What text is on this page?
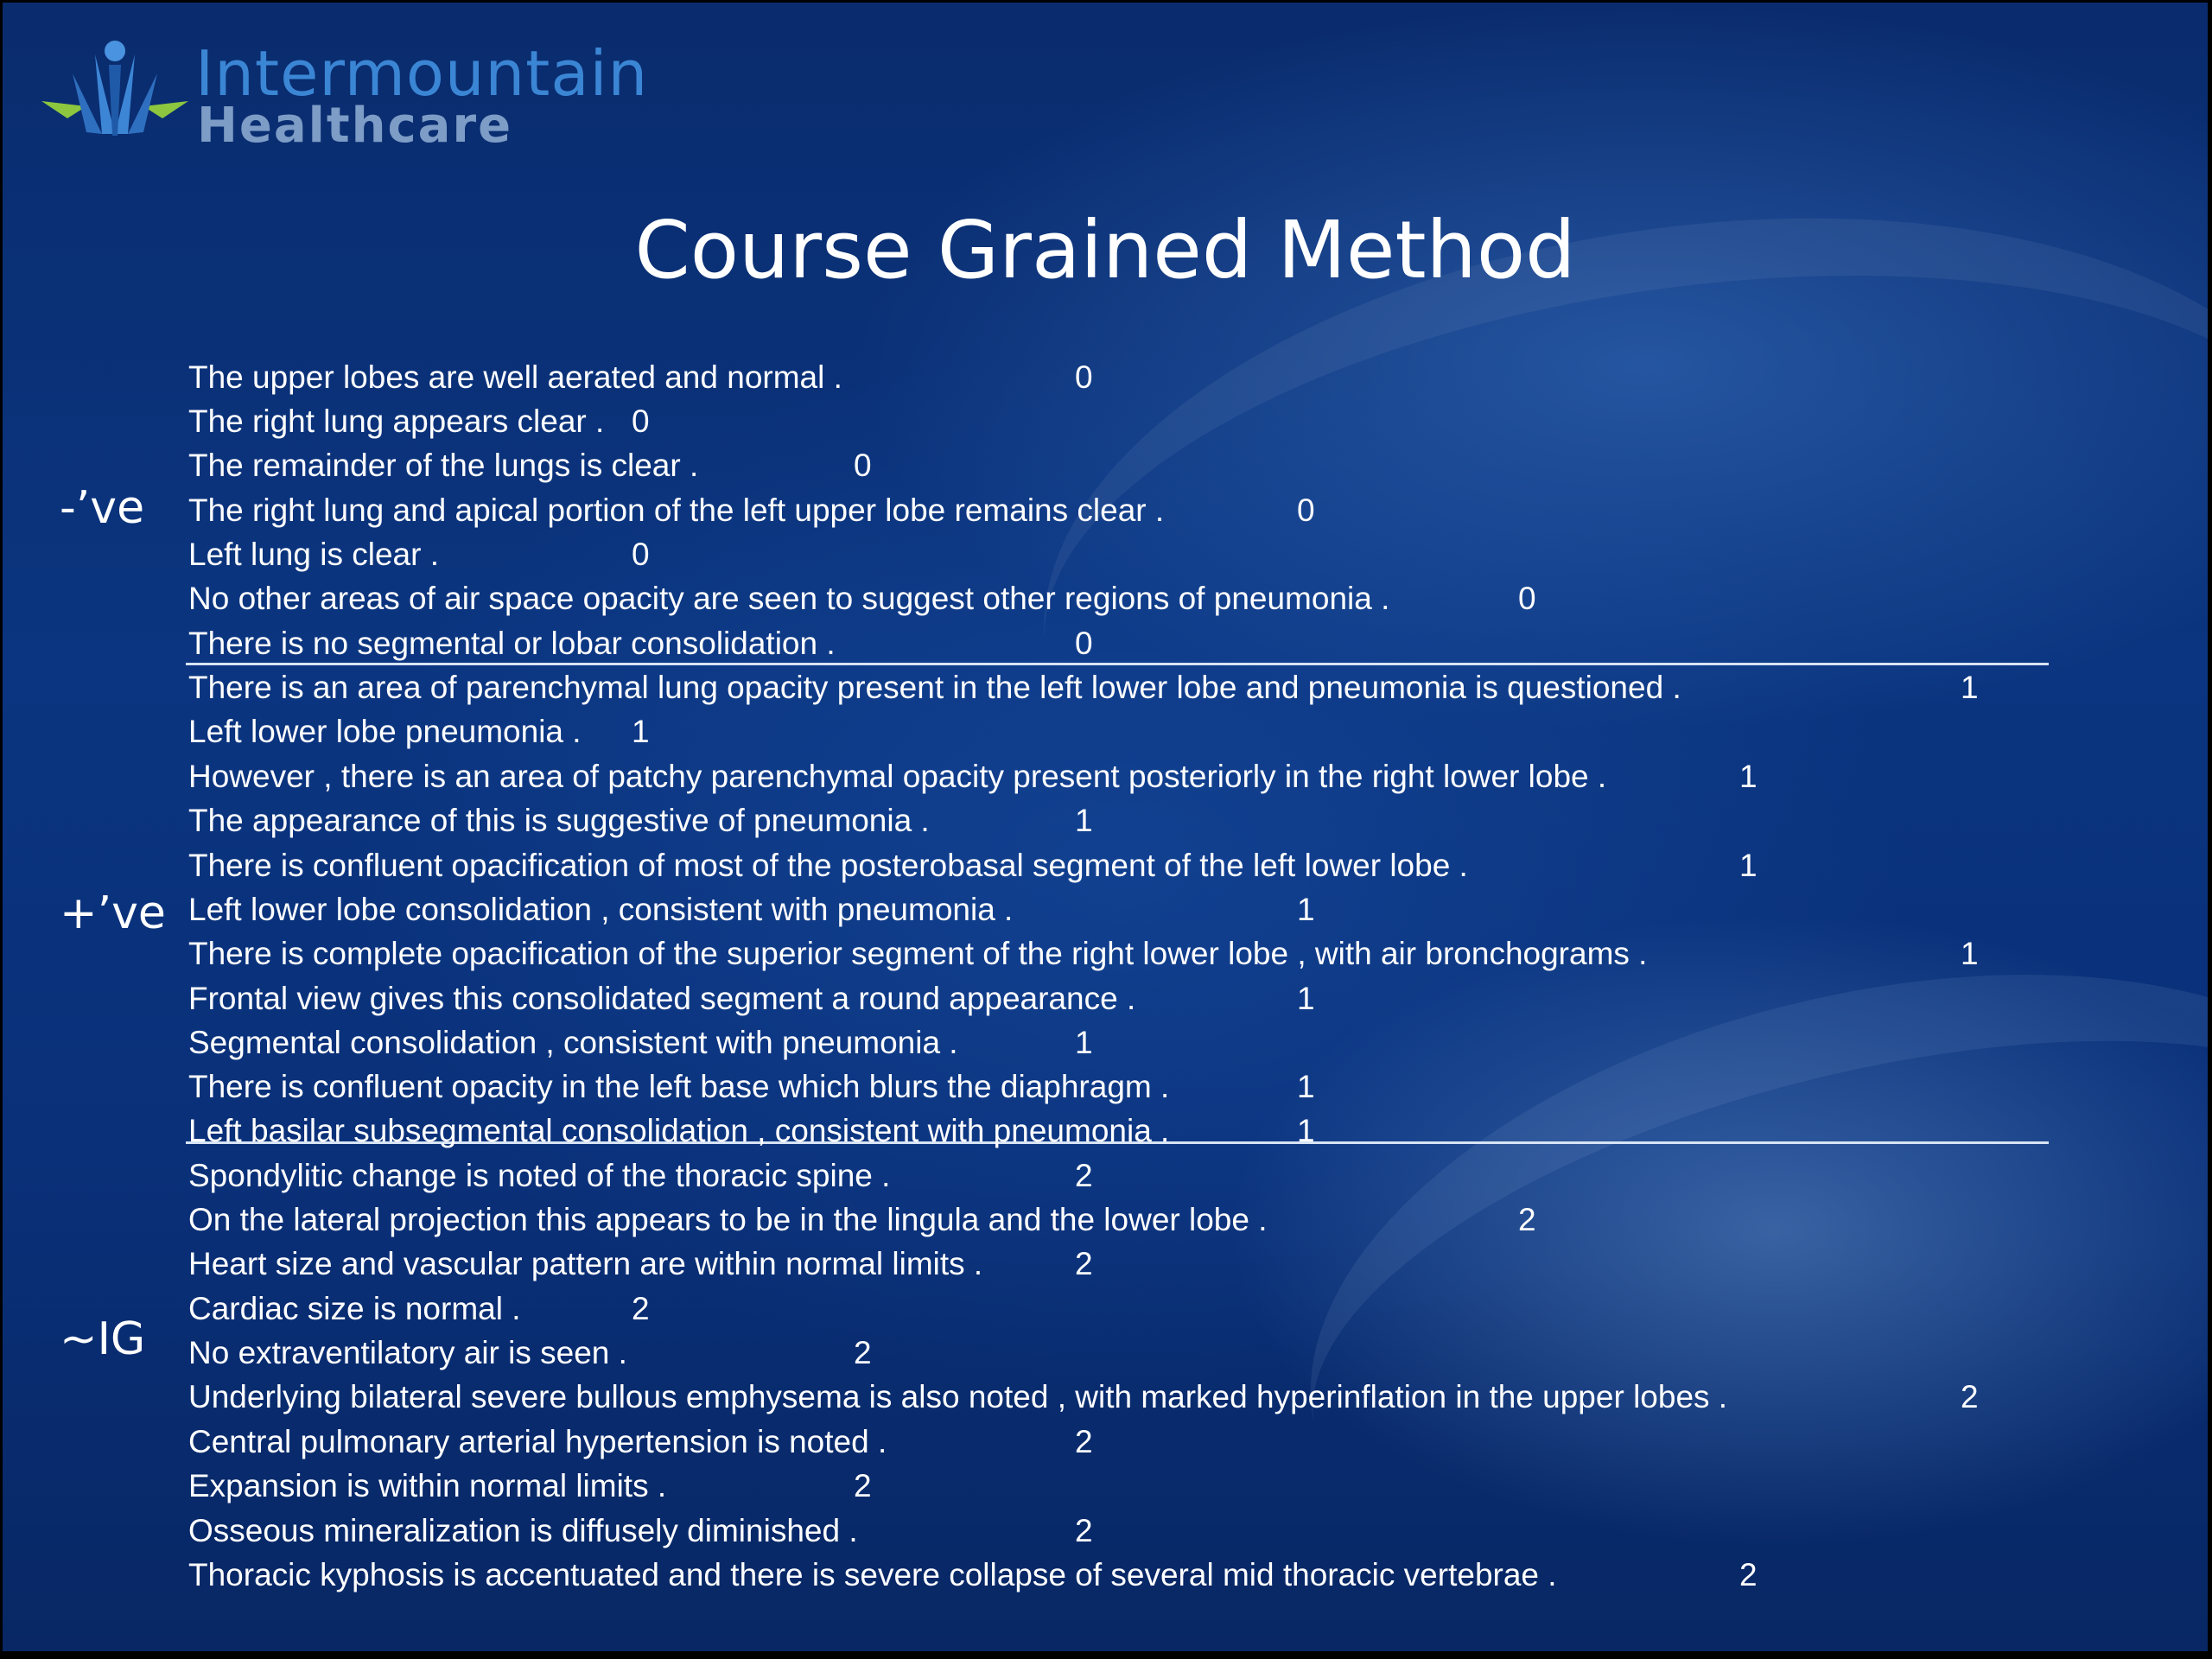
Intermountain
Healthcare
Course Grained Method
-’ve
+’ve
~IG
The upper lobes are well aerated and normal .	0
The right lung appears clear . 0
The remainder of the lungs is clear .	0
The right lung and apical portion of the left upper lobe remains clear .	0
Left lung is clear .	0
No other areas of air space opacity are seen to suggest other regions of pneumonia .	0
There is no segmental or lobar consolidation .	0
There is an area of parenchymal lung opacity present in the left lower lobe and pneumonia is questioned .	1
Left lower lobe pneumonia . 1
However , there is an area of patchy parenchymal opacity present posteriorly in the right lower lobe .	1
The appearance of this is suggestive of pneumonia .	1
There is confluent opacification of most of the posterobasal segment of the left lower lobe .	1
Left lower lobe consolidation , consistent with pneumonia .	1
There is complete opacification of the superior segment of the right lower lobe , with air bronchograms .	1
Frontal view gives this consolidated segment a round appearance .	1
Segmental consolidation , consistent with pneumonia .	1
There is confluent opacity in the left base which blurs the diaphragm .	1
Left basilar subsegmental consolidation , consistent with pneumonia .	1
Spondylitic change is noted of the thoracic spine .	2
On the lateral projection this appears to be in the lingula and the lower lobe .	2
Heart size and vascular pattern are within normal limits .	2
Cardiac size is normal .	2
No extraventilatory air is seen .	2
Underlying bilateral severe bullous emphysema is also noted , with marked hyperinflation in the upper lobes .	2
Central pulmonary arterial hypertension is noted .	2
Expansion is within normal limits .	2
Osseous mineralization is diffusely diminished .	2
Thoracic kyphosis is accentuated and there is severe collapse of several mid thoracic vertebrae .	2
